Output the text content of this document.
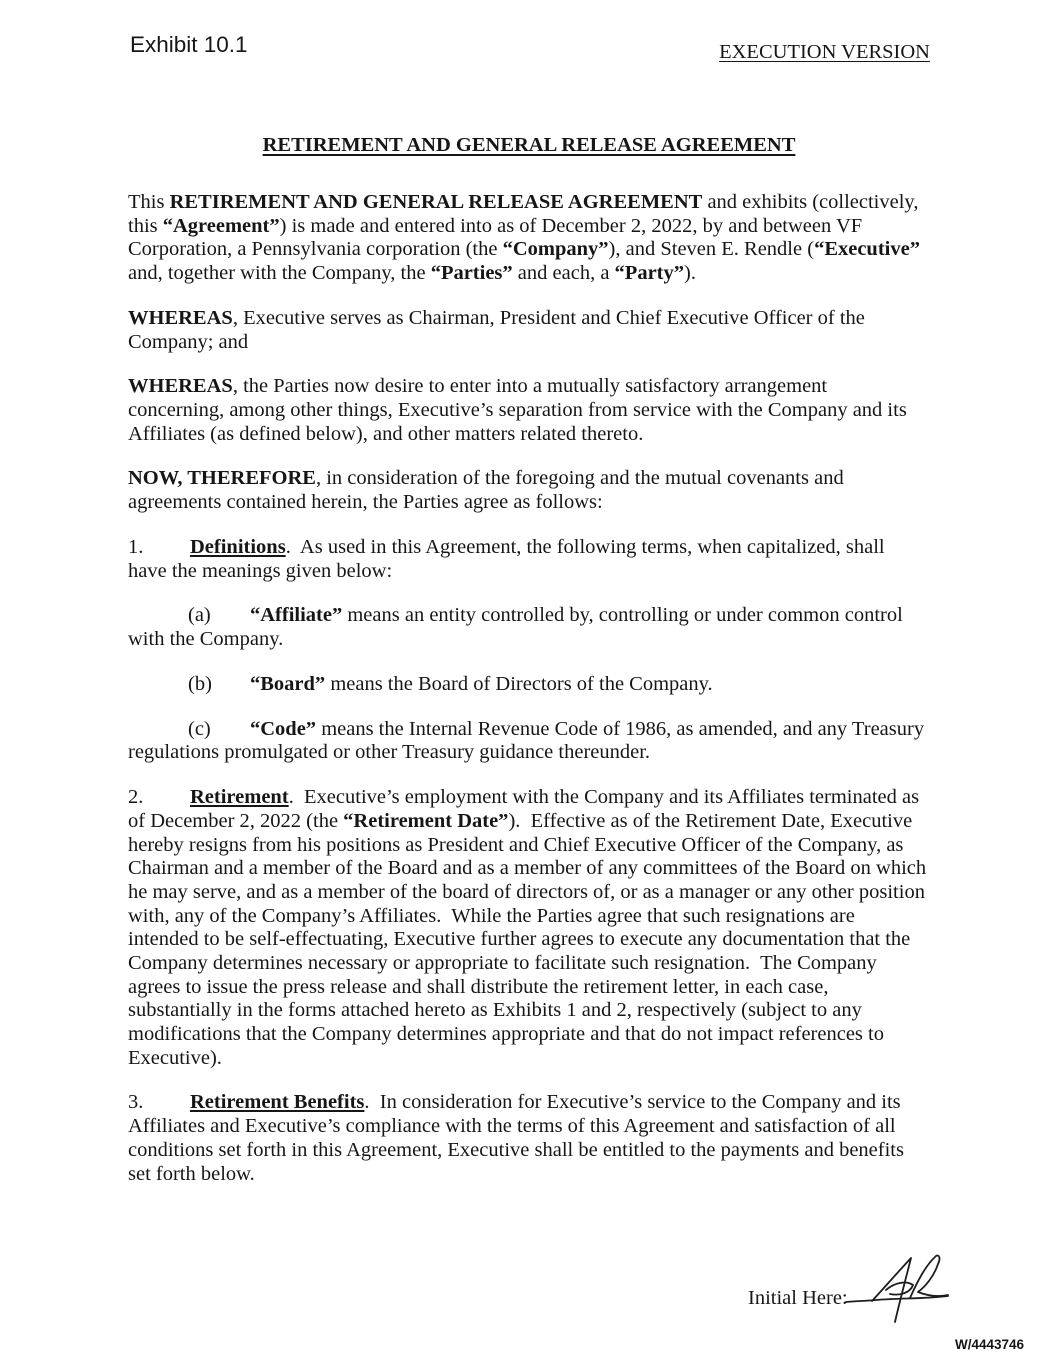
Exhibit 10.1	EXECUTION VERSION
RETIREMENT AND GENERAL RELEASE AGREEMENT
This RETIREMENT AND GENERAL RELEASE AGREEMENT and exhibits (collectively,
this “Agreement”) is made and entered into as of December 2, 2022, by and between VF
Corporation, a Pennsylvania corporation (the “Company”), and Steven E. Rendle (“Executive”
and, together with the Company, the “Parties” and each, a “Party”).
WHEREAS, Executive serves as Chairman, President and Chief Executive Officer of the
Company; and
WHEREAS, the Parties now desire to enter into a mutually satisfactory arrangement
concerning, among other things, Executive’s separation from service with the Company and its
Affiliates (as defined below), and other matters related thereto.
NOW, THEREFORE, in consideration of the foregoing and the mutual covenants and
agreements contained herein, the Parties agree as follows:
1. Definitions.  As used in this Agreement, the following terms, when capitalized, shall
have the meanings given below:
(a) “Affiliate” means an entity controlled by, controlling or under common control
with the Company.
(b) “Board” means the Board of Directors of the Company.
(c) “Code” means the Internal Revenue Code of 1986, as amended, and any Treasury
regulations promulgated or other Treasury guidance thereunder.
2. Retirement.  Executive’s employment with the Company and its Affiliates terminated as
of December 2, 2022 (the “Retirement Date”).  Effective as of the Retirement Date, Executive
hereby resigns from his positions as President and Chief Executive Officer of the Company, as
Chairman and a member of the Board and as a member of any committees of the Board on which
he may serve, and as a member of the board of directors of, or as a manager or any other position
with, any of the Company’s Affiliates.  While the Parties agree that such resignations are
intended to be self-effectuating, Executive further agrees to execute any documentation that the
Company determines necessary or appropriate to facilitate such resignation.  The Company
agrees to issue the press release and shall distribute the retirement letter, in each case,
substantially in the forms attached hereto as Exhibits 1 and 2, respectively (subject to any
modifications that the Company determines appropriate and that do not impact references to
Executive).
3. Retirement Benefits.  In consideration for Executive’s service to the Company and its
Affiliates and Executive’s compliance with the terms of this Agreement and satisfaction of all
conditions set forth in this Agreement, Executive shall be entitled to the payments and benefits
set forth below.
Initial Here:
W/4443746
